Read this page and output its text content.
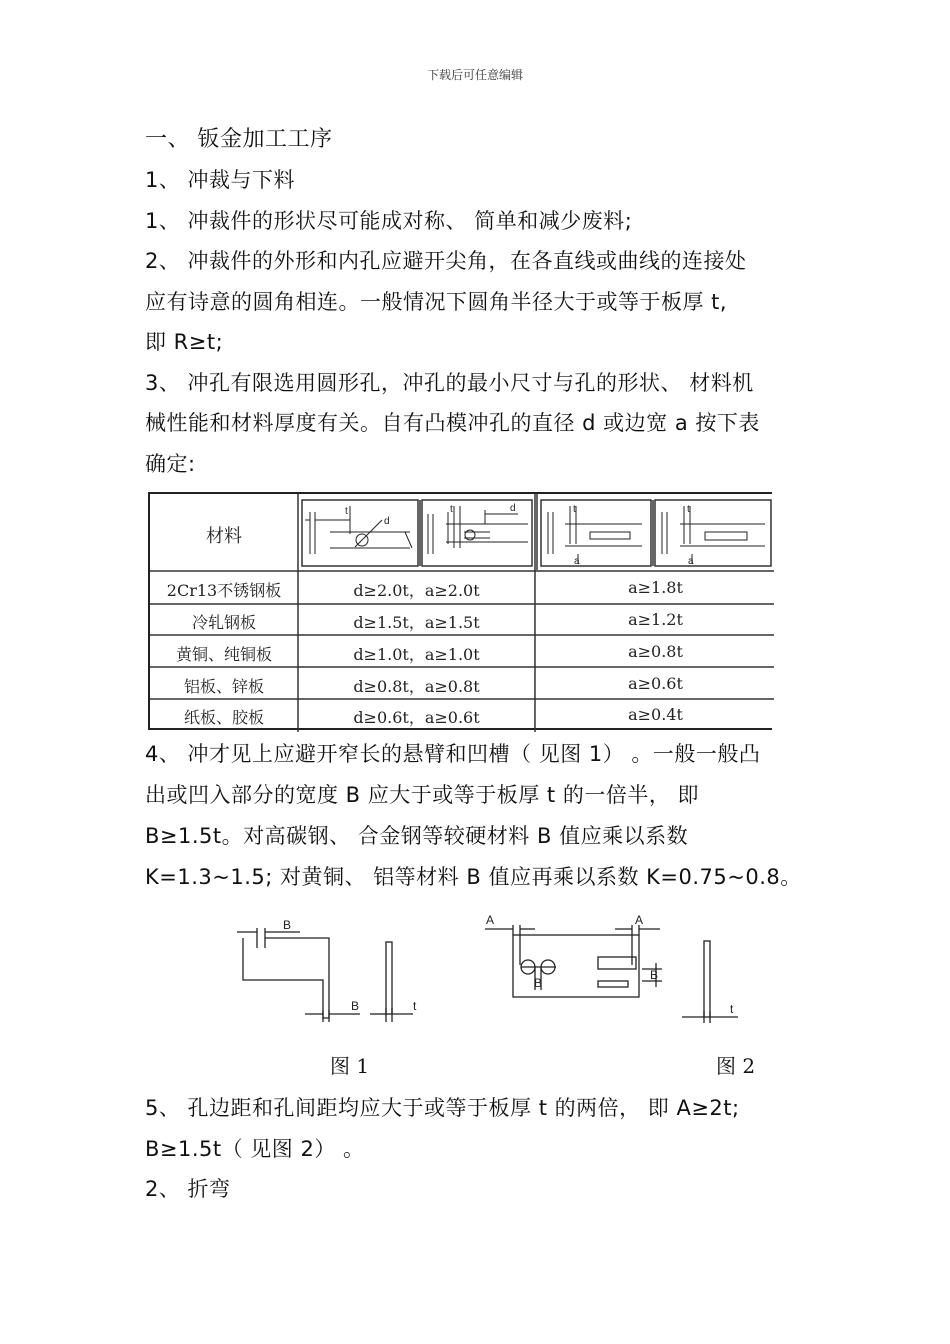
下载后可任意编辑
一、 钣金加工工序
1、 冲裁与下料
1、 冲裁件的形状尽可能成对称、 简单和减少废料;
2、 冲裁件的外形和内孔应避开尖角，在各直线或曲线的连接处
应有诗意的圆角相连。一般情况下圆角半径大于或等于板厚 t,
即 R≥t;
3、 冲孔有限选用圆形孔，冲孔的最小尺寸与孔的形状、 材料机
械性能和材料厚度有关。自有凸模冲孔的直径 d 或边宽 a 按下表
确定:
t
d
t	d	t
a
t
a
材料
2Cr13不锈钢板	d≥2.0t，a≥2.0t	a≥1.8t
冷轧钢板	d≥1.5t，a≥1.5t	a≥1.2t
黄铜、纯铜板	d≥1.0t，a≥1.0t	a≥0.8t
铝板、锌板	d≥0.8t，a≥0.8t	a≥0.6t
纸板、胶板	d≥0.6t，a≥0.6t	a≥0.4t
4、 冲才见上应避开窄长的悬臂和凹槽（ 见图 1） 。一般一般凸
出或凹入部分的宽度 B 应大于或等于板厚 t 的一倍半， 即
B≥1.5t。对高碳钢、 合金钢等较硬材料 B 值应乘以系数
K=1.3~1.5; 对黄铜、 铝等材料 B 值应再乘以系数 K=0.75~0.8。
B
B	t
A	A
B
B
t
图 1	图 2
5、 孔边距和孔间距均应大于或等于板厚 t 的两倍， 即 A≥2t;
B≥1.5t（ 见图 2） 。
2、 折弯
